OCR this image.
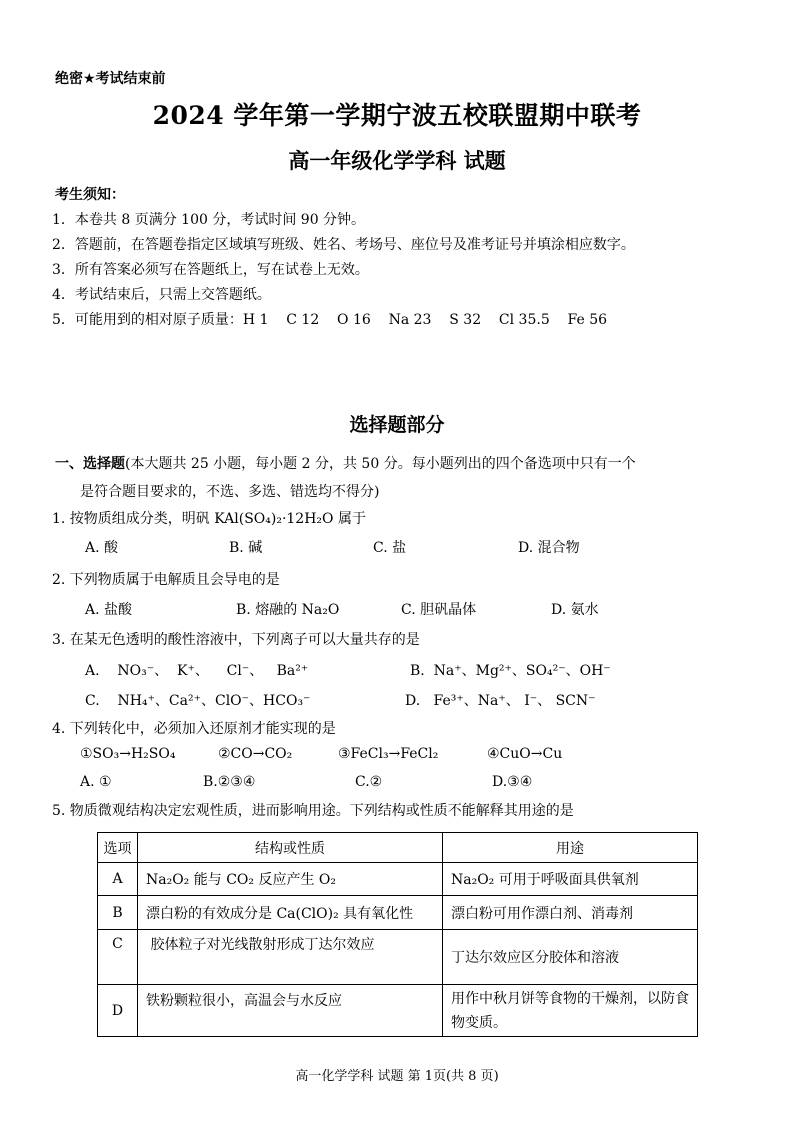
绝密★考试结束前
2024 学年第一学期宁波五校联盟期中联考
高一年级化学学科 试题
考生须知：
1．本卷共 8 页满分 100 分，考试时间 90 分钟。
2．答题前，在答题卷指定区域填写班级、姓名、考场号、座位号及准考证号并填涂相应数字。
3．所有答案必须写在答题纸上，写在试卷上无效。
4．考试结束后，只需上交答题纸。
5．可能用到的相对原子质量：H 1    C 12    O 16    Na 23    S 32    Cl 35.5    Fe 56
选择题部分
一、选择题(本大题共 25 小题，每小题 2 分，共 50 分。每小题列出的四个备选项中只有一个
是符合题目要求的，不选、多选、错选均不得分)
1. 按物质组成分类，明矾 KAl(SO₄)₂·12H₂O 属于
A. 酸	B. 碱	C. 盐	D. 混合物
2. 下列物质属于电解质且会导电的是
A. 盐酸	B. 熔融的 Na₂O	C. 胆矾晶体	D. 氨水
3. 在某无色透明的酸性溶液中，下列离子可以大量共存的是
A.    NO₃⁻、  K⁺、    Cl⁻、   Ba²⁺	B.  Na⁺、Mg²⁺、SO₄²⁻、OH⁻
C.    NH₄⁺、Ca²⁺、ClO⁻、HCO₃⁻	D.   Fe³⁺、Na⁺、 I⁻、 SCN⁻
4. 下列转化中，必须加入还原剂才能实现的是
①SO₃→H₂SO₄	②CO→CO₂	③FeCl₃→FeCl₂	④CuO→Cu
A. ①	B.②③④	C.②	D.③④
5. 物质微观结构决定宏观性质，进而影响用途。下列结构或性质不能解释其用途的是
选项	结构或性质	用途
A	Na₂O₂ 能与 CO₂ 反应产生 O₂	Na₂O₂ 可用于呼吸面具供氧剂
B	漂白粉的有效成分是 Ca(ClO)₂ 具有氧化性	漂白粉可用作漂白剂、消毒剂
C	胶体粒子对光线散射形成丁达尔效应	丁达尔效应区分胶体和溶液
D	铁粉颗粒很小，高温会与水反应	用作中秋月饼等食物的干燥剂，以防食物变质。
高一化学学科 试题 第 1页(共 8 页)
